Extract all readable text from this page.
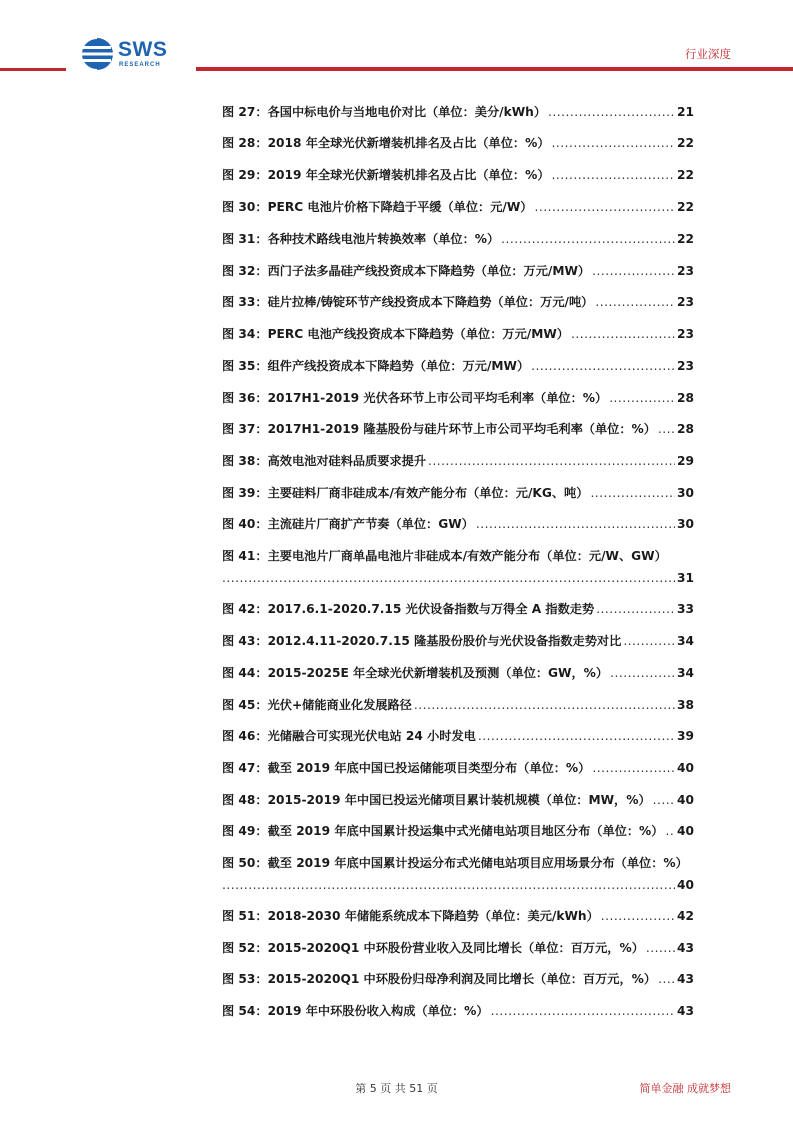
SWS
RESEARCH
行业深度
图 27：各国中标电价与当地电价对比（单位：美分/kWh） .....	21
图 28：2018 年全球光伏新增装机排名及占比（单位：%） .....	22
图 29：2019 年全球光伏新增装机排名及占比（单位：%） .....	22
图 30：PERC 电池片价格下降趋于平缓（单位：元/W） .....	22
图 31：各种技术路线电池片转换效率（单位：%） .....	22
图 32：西门子法多晶硅产线投资成本下降趋势（单位：万元/MW） .....	23
图 33：硅片拉棒/铸锭环节产线投资成本下降趋势（单位：万元/吨） .....	23
图 34：PERC 电池产线投资成本下降趋势（单位：万元/MW） .....	23
图 35：组件产线投资成本下降趋势（单位：万元/MW） .....	23
图 36：2017H1-2019 光伏各环节上市公司平均毛利率（单位：%） .....	28
图 37：2017H1-2019 隆基股份与硅片环节上市公司平均毛利率（单位：%） ..... 28
图 38：高效电池对硅料品质要求提升 .....	29
图 39：主要硅料厂商非硅成本/有效产能分布（单位：元/KG、吨） .....	30
图 40：主流硅片厂商扩产节奏（单位：GW） .....	30
图 41：主要电池片厂商单晶电池片非硅成本/有效产能分布（单位：元/W、GW）
.....
31
图 42：2017.6.1-2020.7.15 光伏设备指数与万得全 A 指数走势 .....	33
图 43：2012.4.11-2020.7.15 隆基股份股价与光伏设备指数走势对比 .....	34
图 44：2015-2025E 年全球光伏新增装机及预测（单位：GW，%） .....	34
图 45：光伏+储能商业化发展路径 .....	38
图 46：光储融合可实现光伏电站 24 小时发电 .....	39
图 47：截至 2019 年底中国已投运储能项目类型分布（单位：%） .....	40
图 48：2015-2019 年中国已投运光储项目累计装机规模（单位：MW，%） ..... 40
图 49：截至 2019 年底中国累计投运集中式光储电站项目地区分布（单位：%） ..... 40
图 50：截至 2019 年底中国累计投运分布式光储电站项目应用场景分布（单位：%）
.....
40
图 51：2018-2030 年储能系统成本下降趋势（单位：美元/kWh） .....	42
图 52：2015-2020Q1 中环股份营业收入及同比增长（单位：百万元，%） .....	43
图 53：2015-2020Q1 中环股份归母净利润及同比增长（单位：百万元，%） ..... 43
图 54：2019 年中环股份收入构成（单位：%） .....	43
第 5 页 共 51 页	简单金融 成就梦想
